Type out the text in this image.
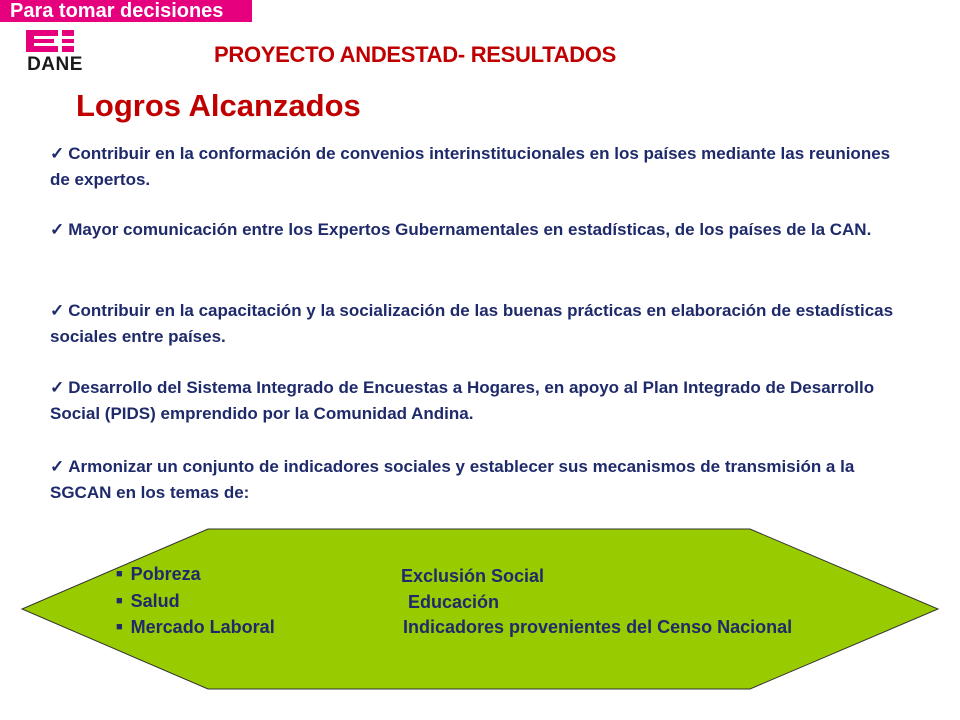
Para tomar decisiones
DANE	PROYECTO ANDESTAD- RESULTADOS
Logros Alcanzados
✓ Contribuir en la conformación de convenios interinstitucionales en los países mediante las reuniones de expertos.
✓ Mayor comunicación entre los Expertos Gubernamentales en estadísticas, de los países de la CAN.
✓ Contribuir en la capacitación y la socialización de las buenas prácticas en elaboración de estadísticas sociales entre países.
✓ Desarrollo del Sistema Integrado de Encuestas a Hogares, en apoyo al Plan Integrado de Desarrollo Social (PIDS) emprendido por la Comunidad Andina.
✓ Armonizar un conjunto de indicadores sociales y establecer sus mecanismos de transmisión a la SGCAN en los temas de:
■ Pobreza
■ Salud
■ Mercado Laboral
Exclusión Social
Educación
Indicadores provenientes del Censo Nacional
